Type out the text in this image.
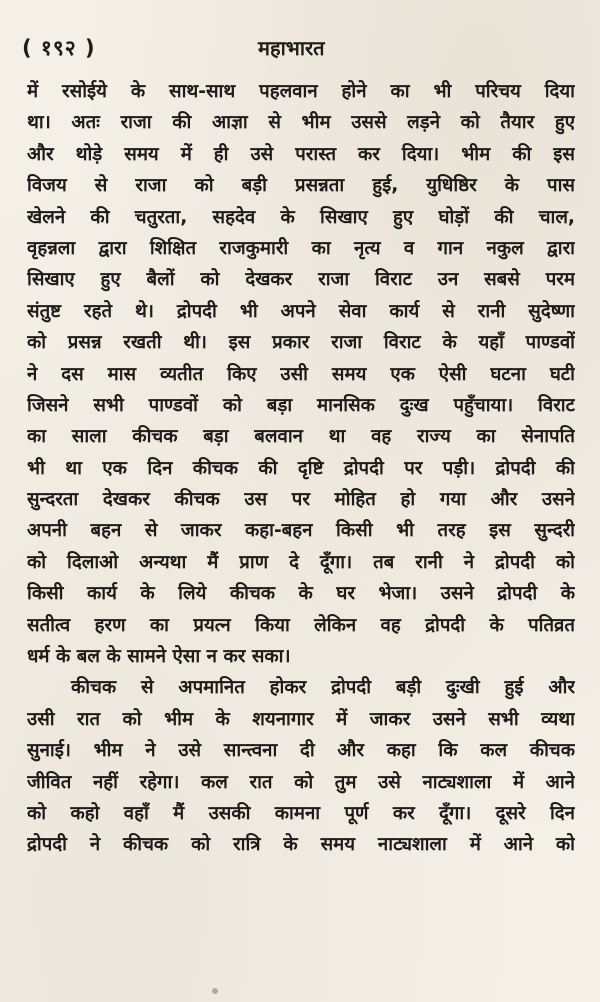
( १९२ )	महाभारत
में रसोईये के साथ-साथ पहलवान होने का भी परिचय दिया
था। अतः राजा की आज्ञा से भीम उससे लड़ने को तैयार हुए
और थोड़े समय में ही उसे परास्त कर दिया। भीम की इस
विजय से राजा को बड़ी प्रसन्नता हुई, युधिष्ठिर के पास
खेलने की चतुरता, सहदेव के सिखाए हुए घोड़ों की चाल,
वृहन्नला द्वारा शिक्षित राजकुमारी का नृत्य व गान नकुल द्वारा
सिखाए हुए बैलों को देखकर राजा विराट उन सबसे परम
संतुष्ट रहते थे। द्रोपदी भी अपने सेवा कार्य से रानी सुदेष्णा
को प्रसन्न रखती थी। इस प्रकार राजा विराट के यहाँ पाण्डवों
ने दस मास व्यतीत किए उसी समय एक ऐसी घटना घटी
जिसने सभी पाण्डवों को बड़ा मानसिक दुःख पहुँचाया। विराट
का साला कीचक बड़ा बलवान था वह राज्य का सेनापति
भी था एक दिन कीचक की दृष्टि द्रोपदी पर पड़ी। द्रोपदी की
सुन्दरता देखकर कीचक उस पर मोहित हो गया और उसने
अपनी बहन से जाकर कहा-बहन किसी भी तरह इस सुन्दरी
को दिलाओ अन्यथा मैं प्राण दे दूँगा। तब रानी ने द्रोपदी को
किसी कार्य के लिये कीचक के घर भेजा। उसने द्रोपदी के
सतीत्व हरण का प्रयत्न किया लेकिन वह द्रोपदी के पतिव्रत
धर्म के बल के सामने ऐसा न कर सका।
कीचक से अपमानित होकर द्रोपदी बड़ी दुःखी हुई और
उसी रात को भीम के शयनागार में जाकर उसने सभी व्यथा
सुनाई। भीम ने उसे सान्त्वना दी और कहा कि कल कीचक
जीवित नहीं रहेगा। कल रात को तुम उसे नाट्यशाला में आने
को कहो वहाँ मैं उसकी कामना पूर्ण कर दूँगा। दूसरे दिन
द्रोपदी ने कीचक को रात्रि के समय नाट्यशाला में आने को
